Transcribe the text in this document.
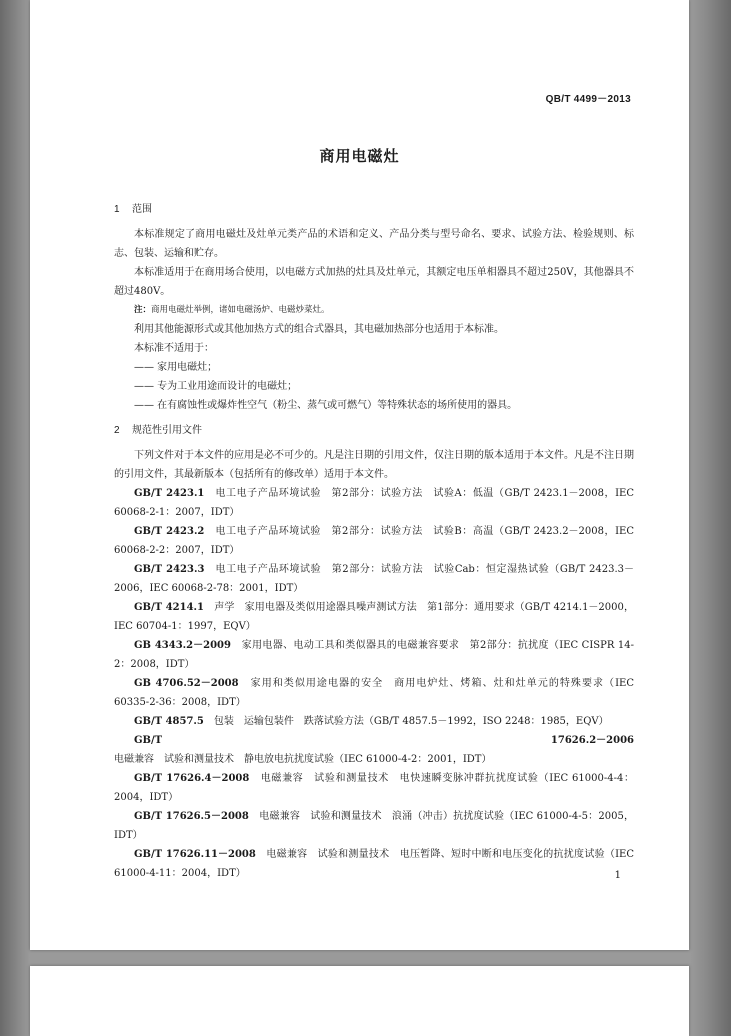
QB/T 4499－2013
商用电磁灶
1 范围

本标准规定了商用电磁灶及灶单元类产品的术语和定义、产品分类与型号命名、要求、试验方法、检验规则、标志、包装、运输和贮存。

本标准适用于在商用场合使用，以电磁方式加热的灶具及灶单元，其额定电压单相器具不超过250V，其他器具不超过480V。

注：商用电磁灶举例，诸如电磁汤炉、电磁炒菜灶。

利用其他能源形式或其他加热方式的组合式器具，其电磁加热部分也适用于本标准。

本标准不适用于：

—— 家用电磁灶；

—— 专为工业用途而设计的电磁灶；

—— 在有腐蚀性或爆炸性空气（粉尘、蒸气或可燃气）等特殊状态的场所使用的器具。

2 规范性引用文件

下列文件对于本文件的应用是必不可少的。凡是注日期的引用文件，仅注日期的版本适用于本文件。凡是不注日期的引用文件，其最新版本（包括所有的修改单）适用于本文件。

GB/T 2423.1　 电工电子产品环境试验　第2部分：试验方法　试验A：低温（GB/T 2423.1－2008，IEC 60068-2-1：2007，IDT）

GB/T 2423.2　 电工电子产品环境试验　第2部分：试验方法　试验B：高温（GB/T 2423.2－2008，IEC 60068-2-2：2007，IDT）

GB/T 2423.3　 电工电子产品环境试验　第2部分：试验方法　试验Cab：恒定湿热试验（GB/T 2423.3－2006，IEC 60068-2-78：2001，IDT）

GB/T 4214.1　 声学　家用电器及类似用途器具噪声测试方法　第1部分：通用要求（GB/T 4214.1－2000，IEC 60704-1：1997，EQV）

GB 4343.2－2009　 家用电器、电动工具和类似器具的电磁兼容要求　第2部分：抗扰度（IEC CISPR 14-2：2008，IDT）

GB 4706.52－2008　 家用和类似用途电器的安全　商用电炉灶、烤箱、灶和灶单元的特殊要求（IEC 60335-2-36：2008，IDT）

GB/T 4857.5　 包装　运输包装件　跌落试验方法（GB/T 4857.5－1992，ISO 2248：1985，EQV）

GB/T 17626.2－2006　电磁兼容　试验和测量技术　静电放电抗扰度试验（IEC 61000-4-2：2001，IDT）

GB/T 17626.4－2008　 电磁兼容　试验和测量技术　电快速瞬变脉冲群抗扰度试验（IEC 61000-4-4：2004，IDT）

GB/T 17626.5－2008　 电磁兼容　试验和测量技术　浪涌（冲击）抗扰度试验（IEC 61000-4-5：2005，IDT）

GB/T 17626.11－2008　 电磁兼容　试验和测量技术　电压暂降、短时中断和电压变化的抗扰度试验（IEC 61000-4-11：2004，IDT）	1
